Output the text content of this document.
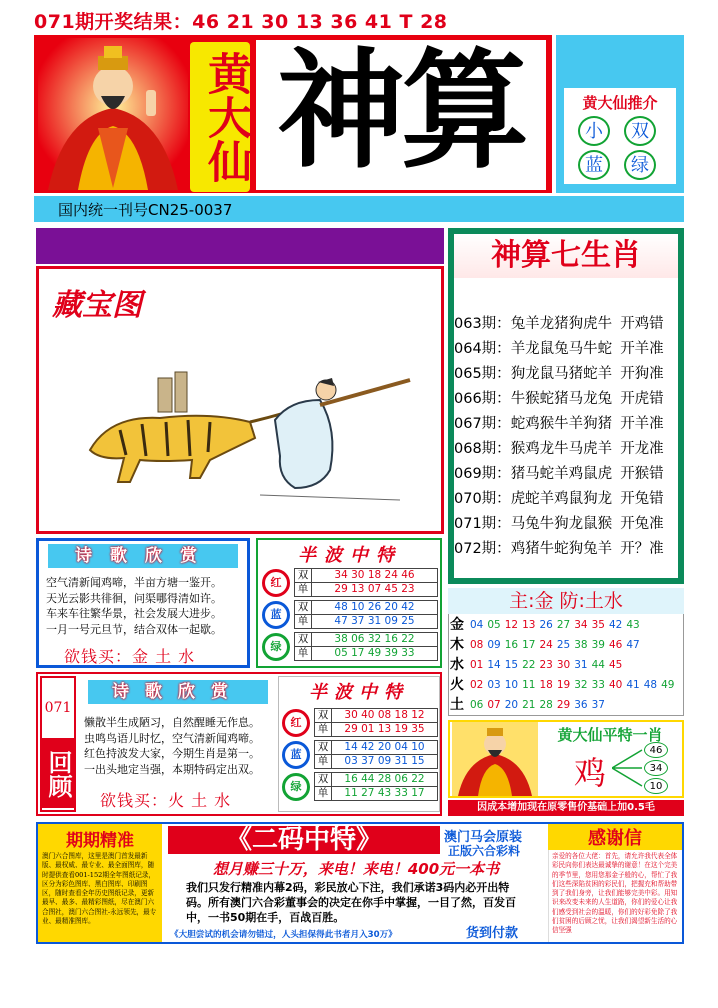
071期开奖结果：46 21 30 13 36 41 T 28
黄大仙 神算	黄大仙推介
小	双
蓝	绿
国内统一刊号CN25-0037
藏宝图
神算七生肖
063期：兔羊龙猪狗虎牛 开鸡错
064期：羊龙鼠兔马牛蛇 开羊准
065期：狗龙鼠马猪蛇羊 开狗准
066期：牛猴蛇猪马龙兔 开虎错
067期：蛇鸡猴牛羊狗猪 开羊准
068期：猴鸡龙牛马虎羊 开龙准
069期：猪马蛇羊鸡鼠虎 开猴错
070期：虎蛇羊鸡鼠狗龙 开兔错
071期：马兔牛狗龙鼠猴 开兔准
072期：鸡猪牛蛇狗兔羊 开？准
诗歌欣赏
空气清新闻鸡啼，半亩方塘一鉴开。
天光云影共徘徊，问渠哪得清如许。
车来车往繁华景，社会发展大进步。
一月一号元旦节，结合双体一起歇。
欲钱买：金 土 水
半波中特
红
双	34 30 18 24 46
单	29 13 07 45 23
蓝
双	48 10 26 20 42
单	47 37 31 09 25
绿
双	38 06 32 16 22
单	05 17 49 39 33
主:金 防:土水
金 04 05 12 13 26 27 34 35 42 43
木 08 09 16 17 24 25 38 39 46 47
水 01 14 15 22 23 30 31 44 45
火 02 03 10 11 18 19 32 33 40 41 48 49
土 06 07 20 21 28 29 36 37
071
回顾
诗歌欣赏
懒散半生成陋习，自然醒睡无作息。
虫鸣鸟语儿时忆，空气清新闻鸡啼。
红色持波发大家，今期生肖是第一。
一出头地定当强，本期特码定出双。
欲钱买：火 土 水
半波中特
红
双	30 40 08 18 12
单	29 01 13 19 35
蓝
双	14 42 20 04 10
单	03 37 09 31 15
绿
双	16 44 28 06 22
单	11 27 43 33 17
黄大仙平特一肖
鸡
46
34
10
因成本增加现在原零售价基础上加0.5毛
期期精准
澳门六合图库，这里是澳门首发最新版、最权威、最专业、最全面图库，随时提供查看001-152期全年图纸记录，区分为彩色图库、黑白图库、印刷图区，随时查看全年历史图纸记录，更新最早、最多、最精彩图纸，尽在澳门六合图社，澳门六合图社-永远领先，最专业、最精准图库。
《二码中特》	澳门马会原装
正版六合彩料
想月赚三十万，来电！来电！400元一本书
我们只发行精准内幕2码，彩民放心下注，我们承诺3码内必开出特码。所有澳门六合彩董事会的决定在你手中掌握，一目了然，百发百中，一书50期在手，百战百胜。
《大胆尝试的机会请勿错过，人头担保得此书者月入30万》	货到付款
感谢信
亲爱的各位大佬：首先，请允许我代表全体彩民向你们表达最诚挚的谢意！在这个完美的季节里，您用您那金子般的心，帮忙了我们这些深陷贫困的彩民们，把握充和帮助带到了我们身旁，让我们能够完美中彩。用知识来改变未来的人生道路，你们的爱心让我们感受到社会的温暖，你们的好彩免除了我们贫困的后顾之忧，让我们渴望新生活的心信坚强
